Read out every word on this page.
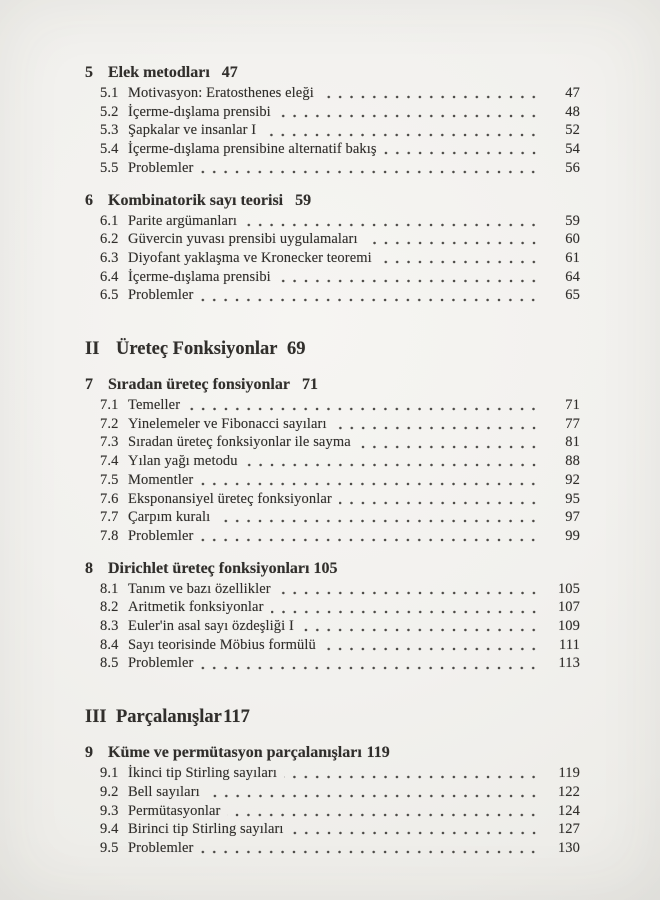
5 Elek metodları 47
5.1 Motivasyon: Eratosthenes eleği	47
5.2 İçerme-dışlama prensibi	48
5.3 Şapkalar ve insanlar I	52
5.4 İçerme-dışlama prensibine alternatif bakış	54
5.5 Problemler	56
6 Kombinatorik sayı teorisi 59
6.1 Parite argümanları	59
6.2 Güvercin yuvası prensibi uygulamaları	60
6.3 Diyofant yaklaşma ve Kronecker teoremi	61
6.4 İçerme-dışlama prensibi	64
6.5 Problemler	65
II Üreteç Fonksiyonlar 69
7 Sıradan üreteç fonsiyonlar 71
7.1 Temeller	71
7.2 Yinelemeler ve Fibonacci sayıları	77
7.3 Sıradan üreteç fonksiyonlar ile sayma	81
7.4 Yılan yağı metodu	88
7.5 Momentler	92
7.6 Eksponansiyel üreteç fonksiyonlar	95
7.7 Çarpım kuralı	97
7.8 Problemler	99
8 Dirichlet üreteç fonksiyonları 105
8.1 Tanım ve bazı özellikler	105
8.2 Aritmetik fonksiyonlar	107
8.3 Euler'in asal sayı özdeşliği I	109
8.4 Sayı teorisinde Möbius formülü	111
8.5 Problemler	113
III Parçalanışlar 117
9 Küme ve permütasyon parçalanışları 119
9.1 İkinci tip Stirling sayıları	119
9.2 Bell sayıları	122
9.3 Permütasyonlar	124
9.4 Birinci tip Stirling sayıları	127
9.5 Problemler	130
